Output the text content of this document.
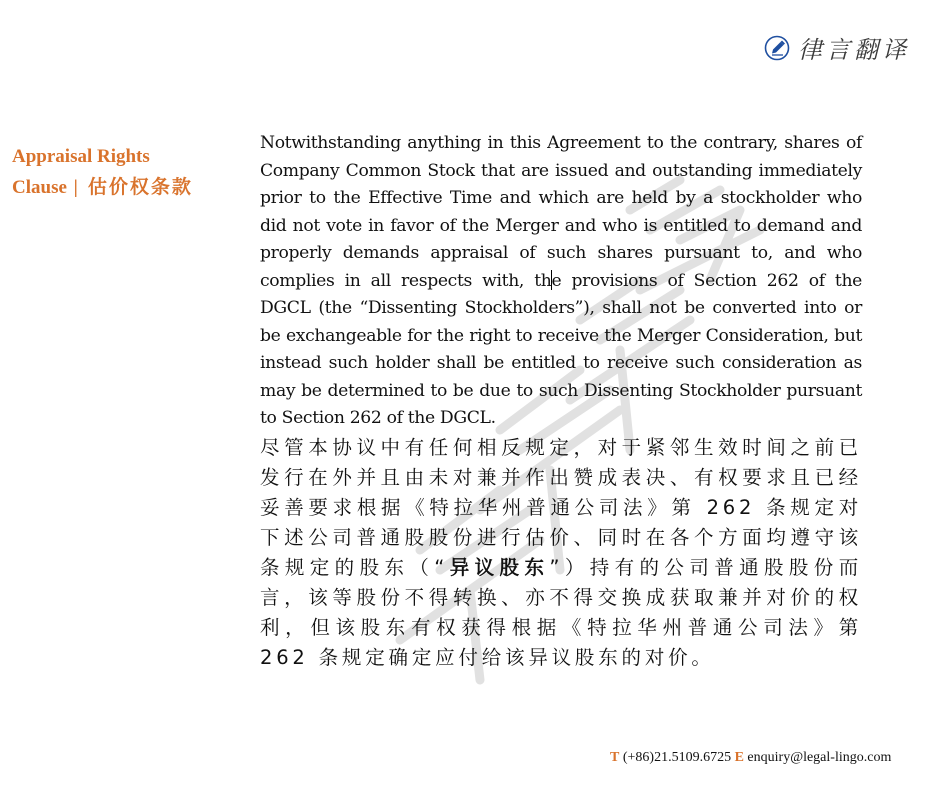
律言翻译
Appraisal Rights
Clause | 估价权条款

Notwithstanding anything in this Agreement to the contrary, shares of Company Common Stock that are issued and outstanding immediately prior to the Effective Time and which are held by a stockholder who did not vote in favor of the Merger and who is entitled to demand and properly demands appraisal of such shares pursuant to, and who complies in all respects with, the provisions of Section 262 of the DGCL (the “Dissenting Stockholders”), shall not be converted into or be exchangeable for the right to receive the Merger Consideration, but instead such holder shall be entitled to receive such consideration as may be determined to be due to such Dissenting Stockholder pursuant to Section 262 of the DGCL.

尽管本协议中有任何相反规定，对于紧邻生效时间之前已发行在外并且由未对兼并作出赞成表决、有权要求且已经妥善要求根据《特拉华州普通公司法》第 262 条规定对下述公司普通股股份进行估价、同时在各个方面均遵守该条规定的股东（“异议股东”）持有的公司普通股股份而言，该等股份不得转换、亦不得交换成获取兼并对价的权利，但该股东有权获得根据《特拉华州普通公司法》第 262 条规定确定应付给该异议股东的对价。

T (+86)21.5109.6725 E enquiry@legal-lingo.com
